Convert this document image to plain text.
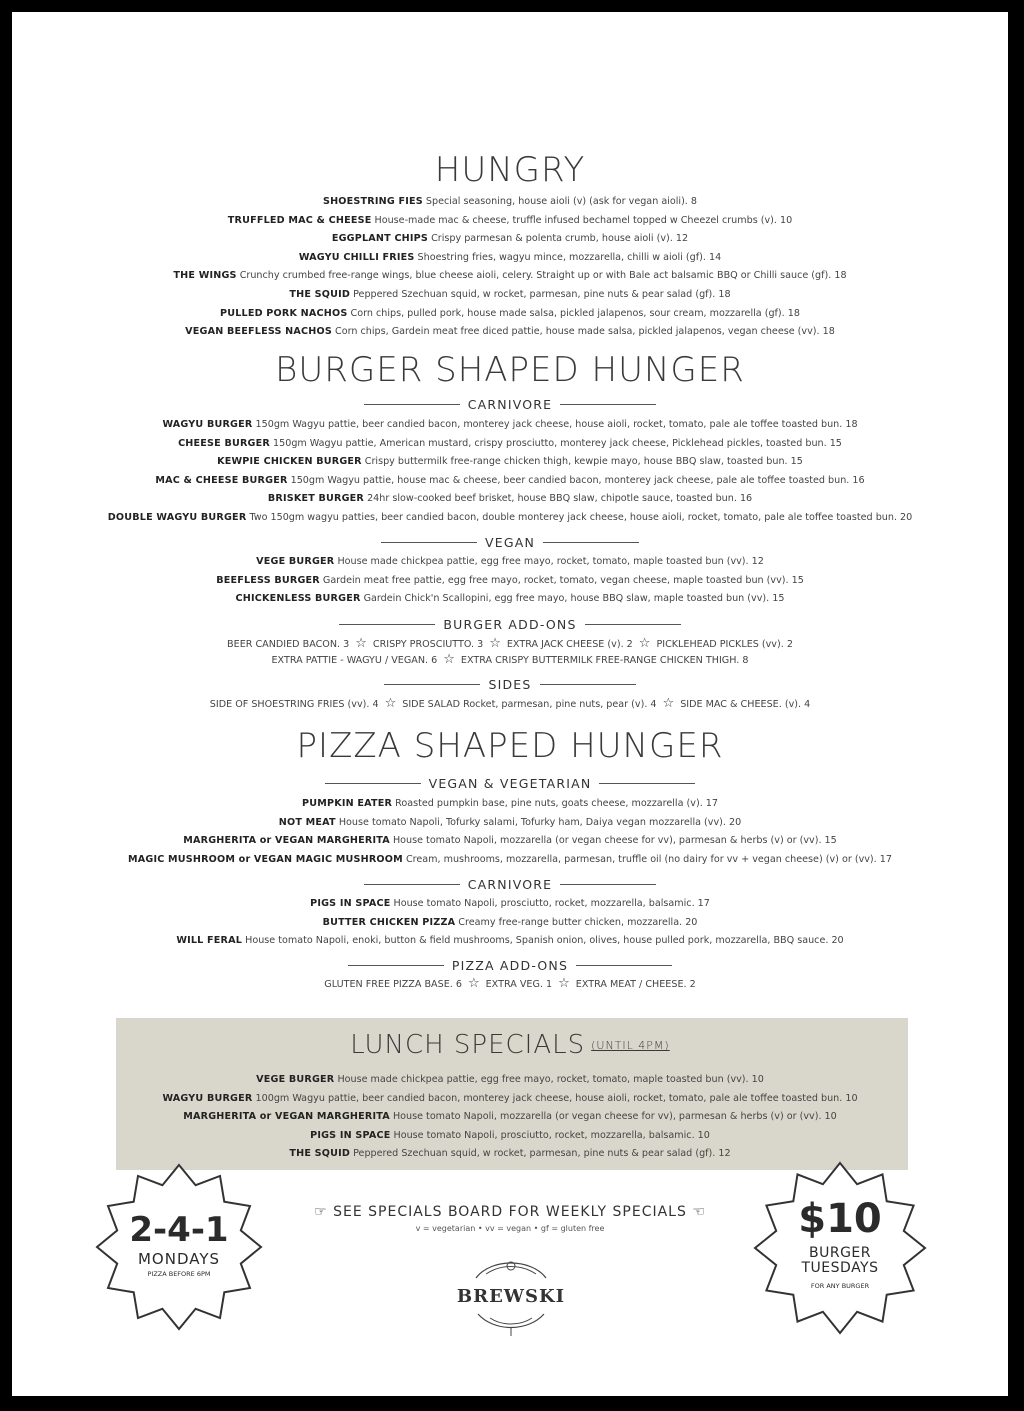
HUNGRY
BURGER SHAPED HUNGER
CARNIVORE
VEGAN
BURGER ADD-ONS
BEER CANDIED BACON. 3 ☆ CRISPY PROSCIUTTO. 3 ☆ EXTRA JACK CHEESE (v). 2 ☆ PICKLEHEAD PICKLES (vv). 2
EXTRA PATTIE - WAGYU / VEGAN. 6 ☆ EXTRA CRISPY BUTTERMILK FREE-RANGE CHICKEN THIGH. 8
SIDES
SIDE OF SHOESTRING FRIES (vv). 4 ☆ SIDE SALAD Rocket, parmesan, pine nuts, pear (v). 4 ☆ SIDE MAC & CHEESE. (v). 4
PIZZA SHAPED HUNGER
VEGAN & VEGETARIAN
CARNIVORE
PIZZA ADD-ONS
GLUTEN FREE PIZZA BASE. 6 ☆ EXTRA VEG. 1 ☆ EXTRA MEAT / CHEESE. 2
LUNCH SPECIALS (UNTIL 4PM)
2-4-1
MONDAYS
PIZZA BEFORE 6PM
$10
BURGER TUESDAYS
FOR ANY BURGER
☞ SEE SPECIALS BOARD FOR WEEKLY SPECIALS ☜
v = vegetarian • vv = vegan • gf = gluten free
BREWSKI
SHOESTRING FIES Special seasoning, house aioli (v) (ask for vegan aioli). 8
TRUFFLED MAC & CHEESE House-made mac & cheese, truffle infused bechamel topped w Cheezel crumbs (v). 10
EGGPLANT CHIPS Crispy parmesan & polenta crumb, house aioli (v). 12
WAGYU CHILLI FRIES Shoestring fries, wagyu mince, mozzarella, chilli w aioli (gf). 14
THE WINGS Crunchy crumbed free-range wings, blue cheese aioli, celery. Straight up or with Bale act balsamic BBQ or Chilli sauce (gf). 18
THE SQUID Peppered Szechuan squid, w rocket, parmesan, pine nuts & pear salad (gf). 18
PULLED PORK NACHOS Corn chips, pulled pork, house made salsa, pickled jalapenos, sour cream, mozzarella (gf). 18
VEGAN BEEFLESS NACHOS Corn chips, Gardein meat free diced pattie, house made salsa, pickled jalapenos, vegan cheese (vv). 18
WAGYU BURGER 150gm Wagyu pattie, beer candied bacon, monterey jack cheese, house aioli, rocket, tomato, pale ale toffee toasted bun. 18
CHEESE BURGER 150gm Wagyu pattie, American mustard, crispy prosciutto, monterey jack cheese, Picklehead pickles, toasted bun. 15
KEWPIE CHICKEN BURGER Crispy buttermilk free-range chicken thigh, kewpie mayo, house BBQ slaw, toasted bun. 15
MAC & CHEESE BURGER 150gm Wagyu pattie, house mac & cheese, beer candied bacon, monterey jack cheese, pale ale toffee toasted bun. 16
BRISKET BURGER 24hr slow-cooked beef brisket, house BBQ slaw, chipotle sauce, toasted bun. 16
DOUBLE WAGYU BURGER Two 150gm wagyu patties, beer candied bacon, double monterey jack cheese, house aioli, rocket, tomato, pale ale toffee toasted bun. 20
VEGE BURGER House made chickpea pattie, egg free mayo, rocket, tomato, maple toasted bun (vv). 12
BEEFLESS BURGER Gardein meat free pattie, egg free mayo, rocket, tomato, vegan cheese, maple toasted bun (vv). 15
CHICKENLESS BURGER Gardein Chick'n Scallopini, egg free mayo, house BBQ slaw, maple toasted bun (vv). 15
PUMPKIN EATER Roasted pumpkin base, pine nuts, goats cheese, mozzarella (v). 17
NOT MEAT House tomato Napoli, Tofurky salami, Tofurky ham, Daiya vegan mozzarella (vv). 20
MARGHERITA or VEGAN MARGHERITA House tomato Napoli, mozzarella (or vegan cheese for vv), parmesan & herbs (v) or (vv). 15
MAGIC MUSHROOM or VEGAN MAGIC MUSHROOM Cream, mushrooms, mozzarella, parmesan, truffle oil (no dairy for vv + vegan cheese) (v) or (vv). 17
PIGS IN SPACE House tomato Napoli, prosciutto, rocket, mozzarella, balsamic. 17
BUTTER CHICKEN PIZZA Creamy free-range butter chicken, mozzarella. 20
WILL FERAL House tomato Napoli, enoki, button & field mushrooms, Spanish onion, olives, house pulled pork, mozzarella, BBQ sauce. 20
VEGE BURGER House made chickpea pattie, egg free mayo, rocket, tomato, maple toasted bun (vv). 10
WAGYU BURGER 100gm Wagyu pattie, beer candied bacon, monterey jack cheese, house aioli, rocket, tomato, pale ale toffee toasted bun. 10
MARGHERITA or VEGAN MARGHERITA House tomato Napoli, mozzarella (or vegan cheese for vv), parmesan & herbs (v) or (vv). 10
PIGS IN SPACE House tomato Napoli, prosciutto, rocket, mozzarella, balsamic. 10
THE SQUID Peppered Szechuan squid, w rocket, parmesan, pine nuts & pear salad (gf). 12
